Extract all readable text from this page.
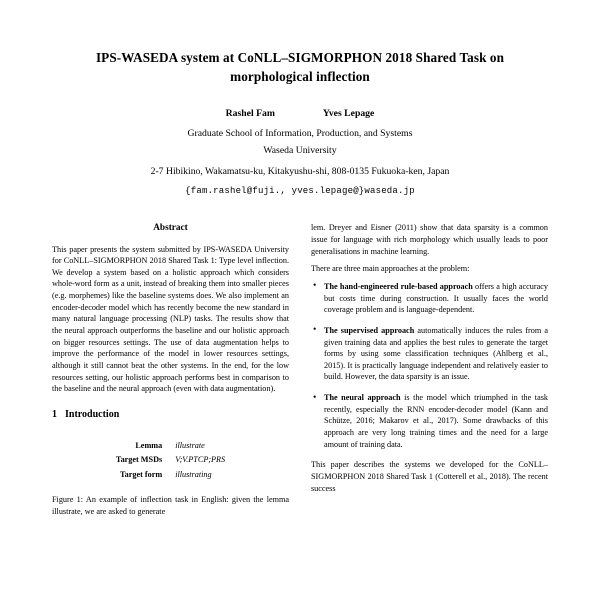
IPS-WASEDA system at CoNLL–SIGMORPHON 2018 Shared Task on morphological inflection
Rashel Fam	Yves Lepage
Graduate School of Information, Production, and Systems
Waseda University
2-7 Hibikino, Wakamatsu-ku, Kitakyushu-shi, 808-0135 Fukuoka-ken, Japan
{fam.rashel@fuji., yves.lepage@}waseda.jp
Abstract

This paper presents the system submitted by IPS-WASEDA University for CoNLL–SIGMORPHON 2018 Shared Task 1: Type level inflection. We develop a system based on a holistic approach which considers whole-word form as a unit, instead of breaking them into smaller pieces (e.g. morphemes) like the baseline systems does. We also implement an encoder-decoder model which has recently become the new standard in many natural language processing (NLP) tasks. The results show that the neural approach outperforms the baseline and our holistic approach on bigger resources settings. The use of data augmentation helps to improve the performance of the model in lower resources settings, although it still cannot beat the other systems. In the end, for the low resources setting, our holistic approach performs best in comparison to the baseline and the neural approach (even with data augmentation).

1 Introduction
Lemma	illustrate
Target MSDs	V;V.PTCP;PRS
Target form	illustrating
Figure 1: An example of inflection task in English: given the lemma illustrate, we are asked to generate

lem. Dreyer and Eisner (2011) show that data sparsity is a common issue for language with rich morphology which usually leads to poor generalisations in machine learning.

There are three main approaches at the problem:

• The hand-engineered rule-based approach offers a high accuracy but costs time during construction. It usually faces the world coverage problem and is language-dependent.
• The supervised approach automatically induces the rules from a given training data and applies the best rules to generate the target forms by using some classification techniques (Ahlberg et al., 2015). It is practically language independent and relatively easier to build. However, the data sparsity is an issue.
• The neural approach is the model which triumphed in the task recently, especially the RNN encoder-decoder model (Kann and Schütze, 2016; Makarov et al., 2017). Some drawbacks of this approach are very long training times and the need for a large amount of training data.

This paper describes the systems we developed for the CoNLL–SIGMORPHON 2018 Shared Task 1 (Cotterell et al., 2018). The recent success
